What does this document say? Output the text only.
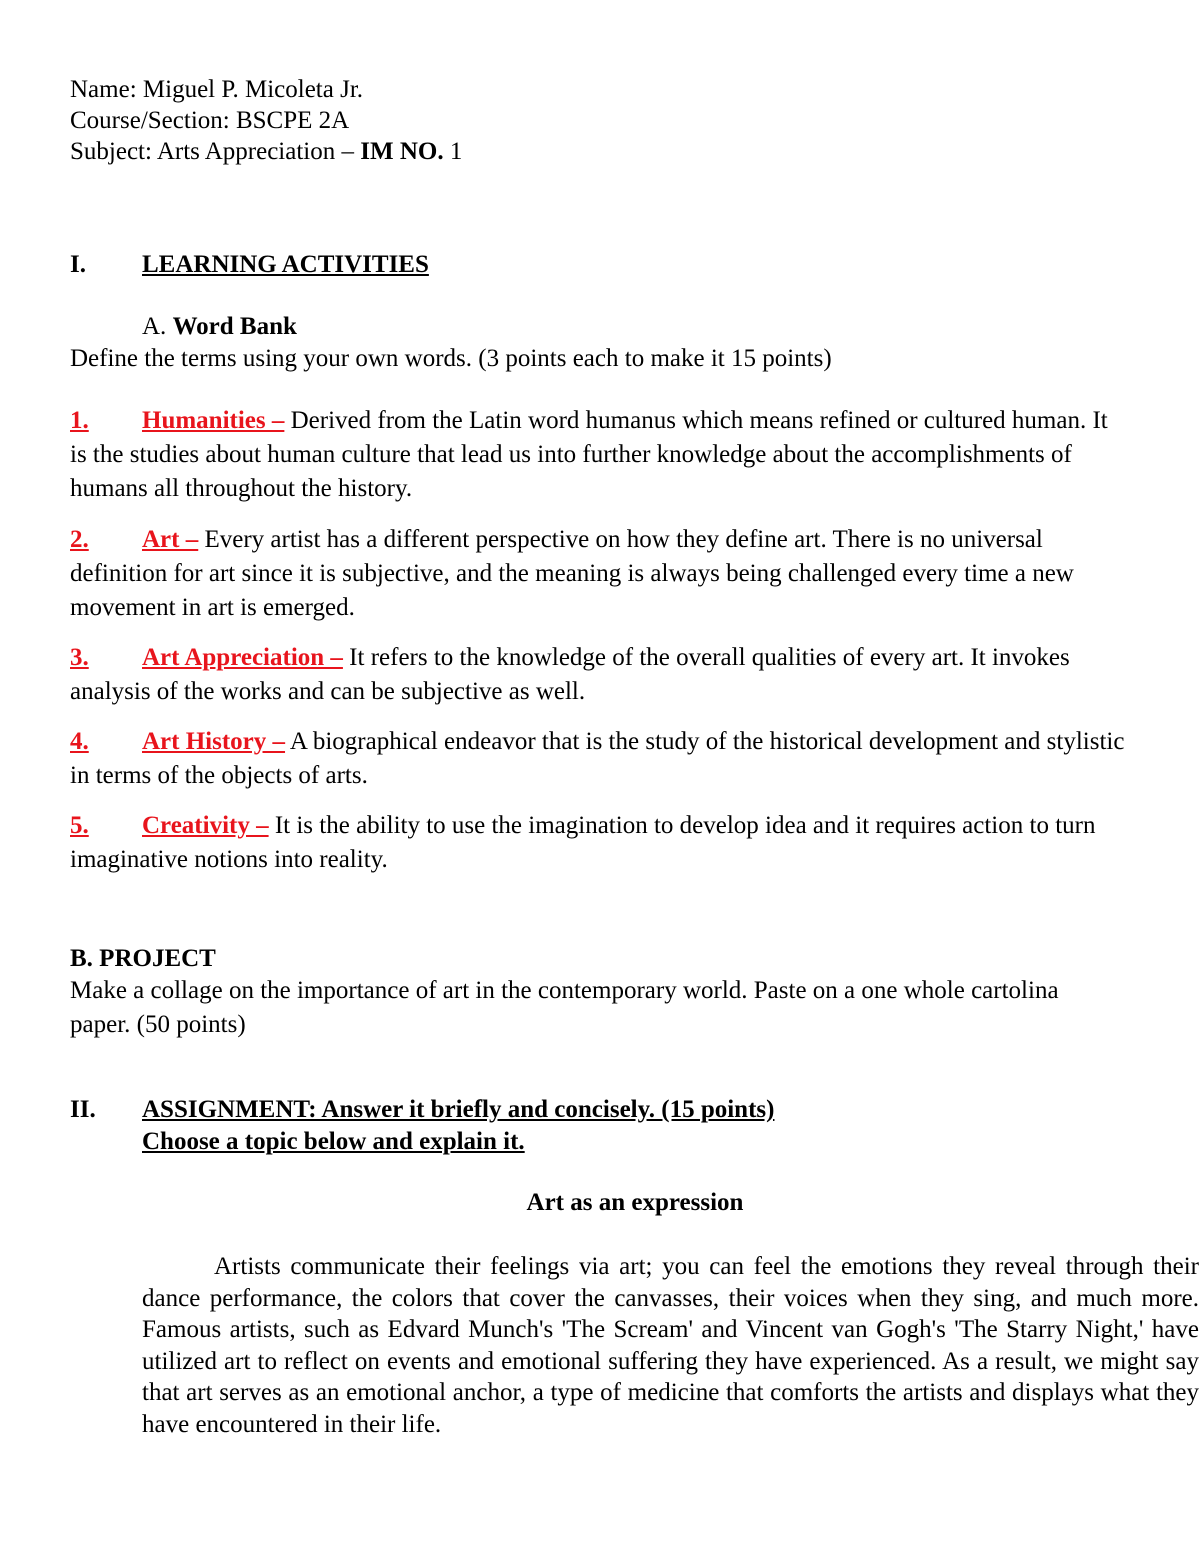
Name: Miguel P. Micoleta Jr.
Course/Section: BSCPE 2A
Subject: Arts Appreciation – IM NO. 1
I. LEARNING ACTIVITIES
A. Word Bank
Define the terms using your own words. (3 points each to make it 15 points)
1. Humanities – Derived from the Latin word humanus which means refined or cultured human. It is the studies about human culture that lead us into further knowledge about the accomplishments of humans all throughout the history.
2. Art – Every artist has a different perspective on how they define art. There is no universal definition for art since it is subjective, and the meaning is always being challenged every time a new movement in art is emerged.
3. Art Appreciation – It refers to the knowledge of the overall qualities of every art. It invokes analysis of the works and can be subjective as well.
4. Art History – A biographical endeavor that is the study of the historical development and stylistic in terms of the objects of arts.
5. Creativity – It is the ability to use the imagination to develop idea and it requires action to turn imaginative notions into reality.
B. PROJECT
Make a collage on the importance of art in the contemporary world. Paste on a one whole cartolina paper. (50 points)
II. ASSIGNMENT: Answer it briefly and concisely. (15 points)
Choose a topic below and explain it.
Art as an expression
Artists communicate their feelings via art; you can feel the emotions they reveal through their dance performance, the colors that cover the canvasses, their voices when they sing, and much more. Famous artists, such as Edvard Munch's 'The Scream' and Vincent van Gogh's 'The Starry Night,' have utilized art to reflect on events and emotional suffering they have experienced. As a result, we might say that art serves as an emotional anchor, a type of medicine that comforts the artists and displays what they have encountered in their life.
